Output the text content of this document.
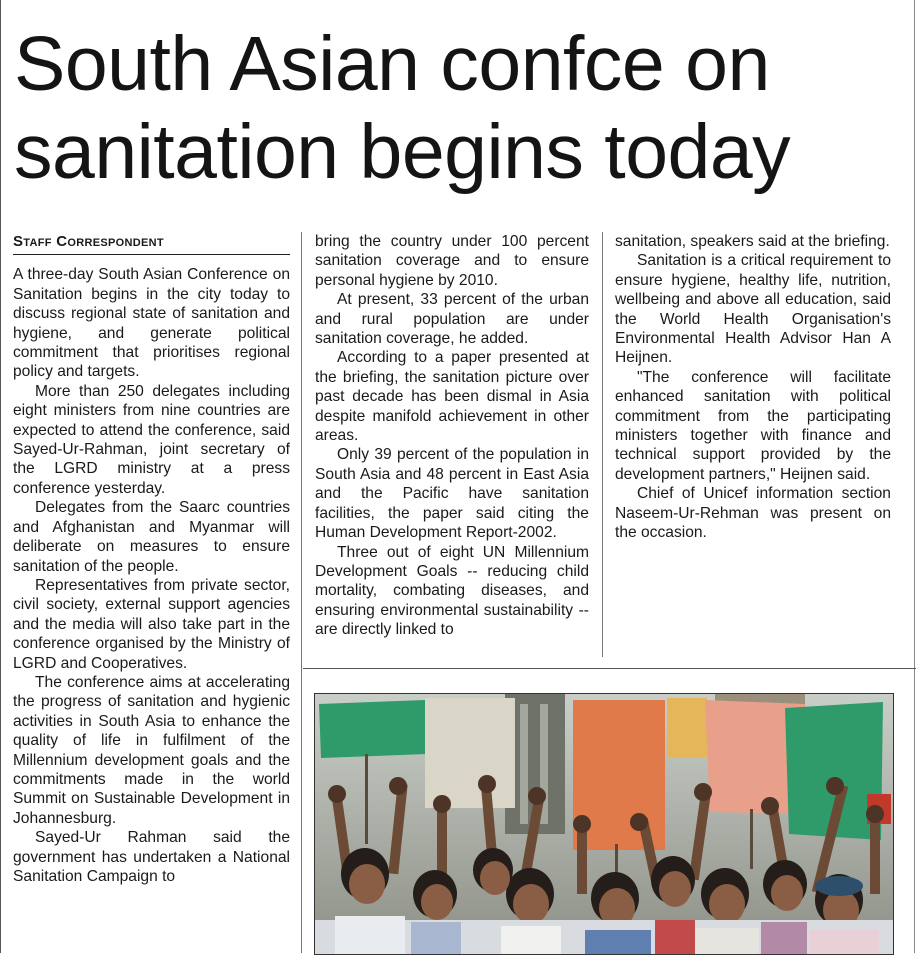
South Asian confce on sanitation begins today
Staff Correspondent

A three-day South Asian Conference on Sanitation begins in the city today to discuss regional state of sanitation and hygiene, and generate political commitment that prioritises regional policy and targets.

More than 250 delegates including eight ministers from nine countries are expected to attend the conference, said Sayed-Ur-Rahman, joint secretary of the LGRD ministry at a press conference yesterday.

Delegates from the Saarc countries and Afghanistan and Myanmar will deliberate on measures to ensure sanitation of the people.

Representatives from private sector, civil society, external support agencies and the media will also take part in the conference organised by the Ministry of LGRD and Cooperatives.

The conference aims at accelerating the progress of sanitation and hygienic activities in South Asia to enhance the quality of life in fulfilment of the Millennium development goals and the commitments made in the world Summit on Sustainable Development in Johannesburg.

Sayed-Ur Rahman said the government has undertaken a National Sanitation Campaign to

bring the country under 100 percent sanitation coverage and to ensure personal hygiene by 2010.

At present, 33 percent of the urban and rural population are under sanitation coverage, he added.

According to a paper presented at the briefing, the sanitation picture over past decade has been dismal in Asia despite manifold achievement in other areas.

Only 39 percent of the population in South Asia and 48 percent in East Asia and the Pacific have sanitation facilities, the paper said citing the Human Development Report-2002.

Three out of eight UN Millennium Development Goals -- reducing child mortality, combating diseases, and ensuring environmental sustainability -- are directly linked to

sanitation, speakers said at the briefing.

Sanitation is a critical requirement to ensure hygiene, healthy life, nutrition, wellbeing and above all education, said the World Health Organisation's Environmental Health Advisor Han A Heijnen.

"The conference will facilitate enhanced sanitation with political commitment from the participating ministers together with finance and technical support provided by the development partners," Heijnen said.

Chief of Unicef information section Naseem-Ur-Rehman was present on the occasion.
